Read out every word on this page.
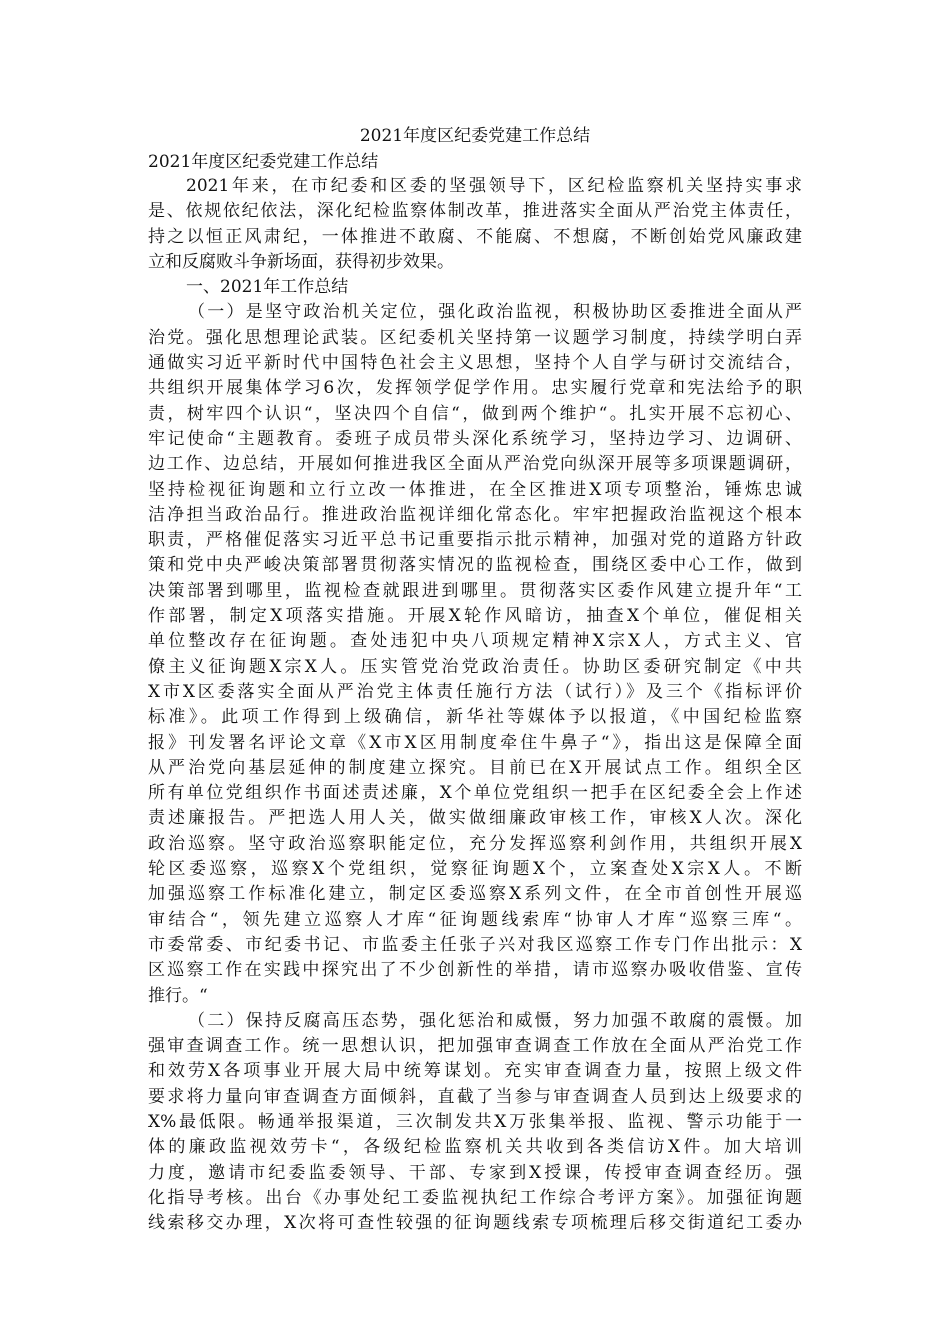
2021年度区纪委党建工作总结
2021年度区纪委党建工作总结
2021年来，在市纪委和区委的坚强领导下，区纪检监察机关坚持实事求
是、依规依纪依法，深化纪检监察体制改革，推进落实全面从严治党主体责任，
持之以恒正风肃纪，一体推进不敢腐、不能腐、不想腐，不断创始党风廉政建
立和反腐败斗争新场面，获得初步效果。
一、2021年工作总结
（一）是坚守政治机关定位，强化政治监视，积极协助区委推进全面从严
治党。强化思想理论武装。区纪委机关坚持第一议题学习制度，持续学明白弄
通做实习近平新时代中国特色社会主义思想，坚持个人自学与研讨交流结合，
共组织开展集体学习6次，发挥领学促学作用。忠实履行党章和宪法给予的职
责，树牢四个认识“，坚决四个自信“，做到两个维护“。扎实开展不忘初心、
牢记使命“主题教育。委班子成员带头深化系统学习，坚持边学习、边调研、
边工作、边总结，开展如何推进我区全面从严治党向纵深开展等多项课题调研，
坚持检视征询题和立行立改一体推进，在全区推进X项专项整治，锤炼忠诚
洁净担当政治品行。推进政治监视详细化常态化。牢牢把握政治监视这个根本
职责，严格催促落实习近平总书记重要指示批示精神，加强对党的道路方针政
策和党中央严峻决策部署贯彻落实情况的监视检查，围绕区委中心工作，做到
决策部署到哪里，监视检查就跟进到哪里。贯彻落实区委作风建立提升年“工
作部署，制定X项落实措施。开展X轮作风暗访，抽查X个单位，催促相关
单位整改存在征询题。查处违犯中央八项规定精神X宗X人，方式主义、官
僚主义征询题X宗X人。压实管党治党政治责任。协助区委研究制定《中共
X市X区委落实全面从严治党主体责任施行方法（试行）》及三个《指标评价
标准》。此项工作得到上级确信，新华社等媒体予以报道，《中国纪检监察
报》刊发署名评论文章《X市X区用制度牵住牛鼻子“》，指出这是保障全面
从严治党向基层延伸的制度建立探究。目前已在X开展试点工作。组织全区
所有单位党组织作书面述责述廉，X个单位党组织一把手在区纪委全会上作述
责述廉报告。严把选人用人关，做实做细廉政审核工作，审核X人次。深化
政治巡察。坚守政治巡察职能定位，充分发挥巡察利剑作用，共组织开展X
轮区委巡察，巡察X个党组织，觉察征询题X个，立案查处X宗X人。不断
加强巡察工作标准化建立，制定区委巡察X系列文件，在全市首创性开展巡
审结合“，领先建立巡察人才库“征询题线索库“协审人才库“巡察三库“。
市委常委、市纪委书记、市监委主任张子兴对我区巡察工作专门作出批示：X
区巡察工作在实践中探究出了不少创新性的举措，请市巡察办吸收借鉴、宣传
推行。“
（二）保持反腐高压态势，强化惩治和威慑，努力加强不敢腐的震慑。加
强审查调查工作。统一思想认识，把加强审查调查工作放在全面从严治党工作
和效劳X各项事业开展大局中统筹谋划。充实审查调查力量，按照上级文件
要求将力量向审查调查方面倾斜，直截了当参与审查调查人员到达上级要求的
X%最低限。畅通举报渠道，三次制发共X万张集举报、监视、警示功能于一
体的廉政监视效劳卡“，各级纪检监察机关共收到各类信访X件。加大培训
力度，邀请市纪委监委领导、干部、专家到X授课，传授审查调查经历。强
化指导考核。出台《办事处纪工委监视执纪工作综合考评方案》。加强征询题
线索移交办理，X次将可查性较强的征询题线索专项梳理后移交街道纪工委办
